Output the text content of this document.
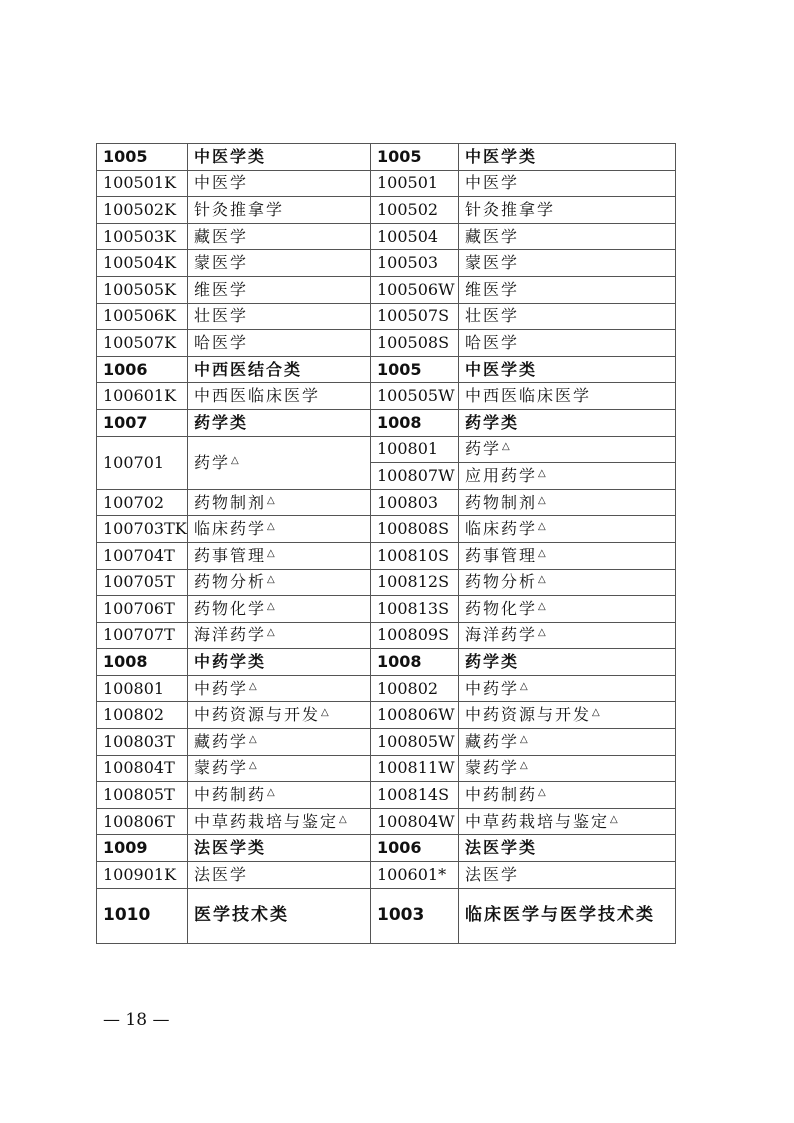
1005	中医学类	1005	中医学类
100501K	中医学	100501	中医学
100502K	针灸推拿学	100502	针灸推拿学
100503K	藏医学	100504	藏医学
100504K	蒙医学	100503	蒙医学
100505K	维医学	100506W	维医学
100506K	壮医学	100507S	壮医学
100507K	哈医学	100508S	哈医学
1006	中西医结合类	1005	中医学类
100601K	中西医临床医学	100505W	中西医临床医学
1007	药学类	1008	药学类
100701	药学△	100801	药学△
		100807W	应用药学△
100702	药物制剂△	100803	药物制剂△
100703TK	临床药学△	100808S	临床药学△
100704T	药事管理△	100810S	药事管理△
100705T	药物分析△	100812S	药物分析△
100706T	药物化学△	100813S	药物化学△
100707T	海洋药学△	100809S	海洋药学△
1008	中药学类	1008	药学类
100801	中药学△	100802	中药学△
100802	中药资源与开发△	100806W	中药资源与开发△
100803T	藏药学△	100805W	藏药学△
100804T	蒙药学△	100811W	蒙药学△
100805T	中药制药△	100814S	中药制药△
100806T	中草药栽培与鉴定△	100804W	中草药栽培与鉴定△
1009	法医学类	1006	法医学类
100901K	法医学	100601*	法医学
1010	医学技术类	1003	临床医学与医学技术类
— 18 —
